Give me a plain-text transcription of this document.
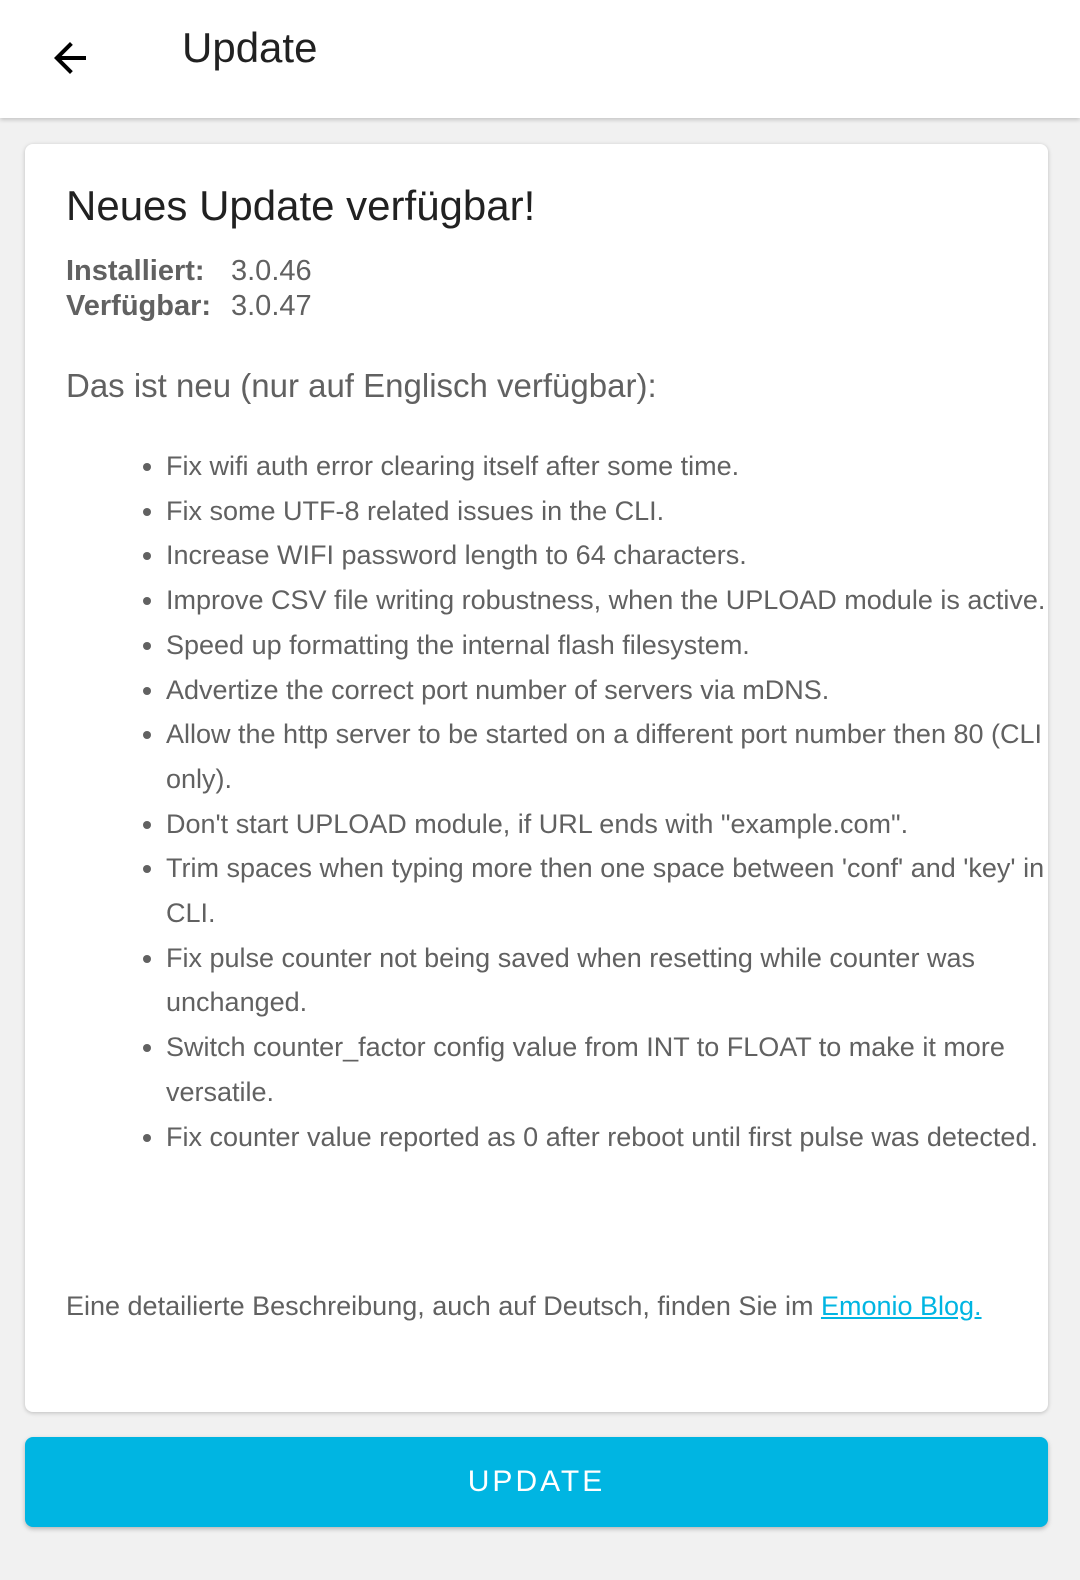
Update
Neues Update verfügbar!
Installiert: 3.0.46
Verfügbar: 3.0.47
Das ist neu (nur auf Englisch verfügbar):
• Fix wifi auth error clearing itself after some time.
• Fix some UTF-8 related issues in the CLI.
• Increase WIFI password length to 64 characters.
• Improve CSV file writing robustness, when the UPLOAD module is active.
• Speed up formatting the internal flash filesystem.
• Advertize the correct port number of servers via mDNS.
• Allow the http server to be started on a different port number then 80 (CLI only).
• Don't start UPLOAD module, if URL ends with "example.com".
• Trim spaces when typing more then one space between 'conf' and 'key' in CLI.
• Fix pulse counter not being saved when resetting while counter was unchanged.
• Switch counter_factor config value from INT to FLOAT to make it more versatile.
• Fix counter value reported as 0 after reboot until first pulse was detected.
Eine detailierte Beschreibung, auch auf Deutsch, finden Sie im Emonio Blog.
UPDATE
